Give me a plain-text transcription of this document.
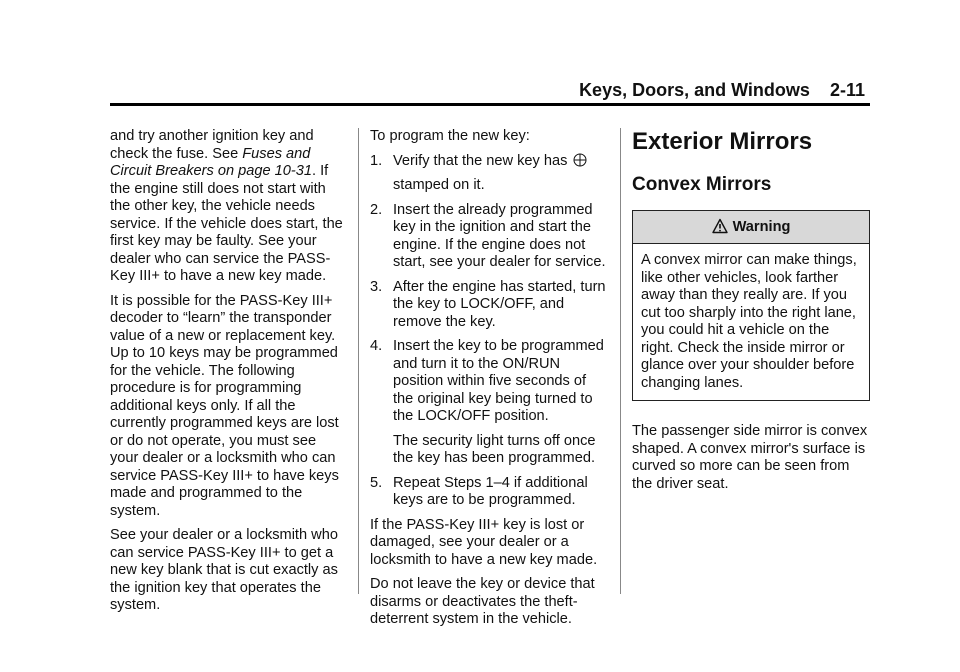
Keys, Doors, and Windows 2-11

and try another ignition key and check the fuse. See Fuses and Circuit Breakers on page 10-31. If the engine still does not start with the other key, the vehicle needs service. If the vehicle does start, the first key may be faulty. See your dealer who can service the PASS-Key III+ to have a new key made.

It is possible for the PASS-Key III+ decoder to “learn” the transponder value of a new or replacement key. Up to 10 keys may be programmed for the vehicle. The following procedure is for programming additional keys only. If all the currently programmed keys are lost or do not operate, you must see your dealer or a locksmith who can service PASS-Key III+ to have keys made and programmed to the system.

See your dealer or a locksmith who can service PASS-Key III+ to get a new key blank that is cut exactly as the ignition key that operates the system.

To program the new key:

1. Verify that the new key has
stamped on it.
2. Insert the already programmed key in the ignition and start the engine. If the engine does not start, see your dealer for service.
3. After the engine has started, turn the key to LOCK/OFF, and remove the key.
4. Insert the key to be programmed and turn it to the ON/RUN position within five seconds of the original key being turned to the LOCK/OFF position.
The security light turns off once the key has been programmed.
5. Repeat Steps 1–4 if additional keys are to be programmed.

If the PASS-Key III+ key is lost or damaged, see your dealer or a locksmith to have a new key made.

Do not leave the key or device that disarms or deactivates the theft-deterrent system in the vehicle.

Exterior Mirrors
Convex Mirrors
Warning

A convex mirror can make things, like other vehicles, look farther away than they really are. If you cut too sharply into the right lane, you could hit a vehicle on the right. Check the inside mirror or glance over your shoulder before changing lanes.

The passenger side mirror is convex shaped. A convex mirror's surface is curved so more can be seen from the driver seat.
